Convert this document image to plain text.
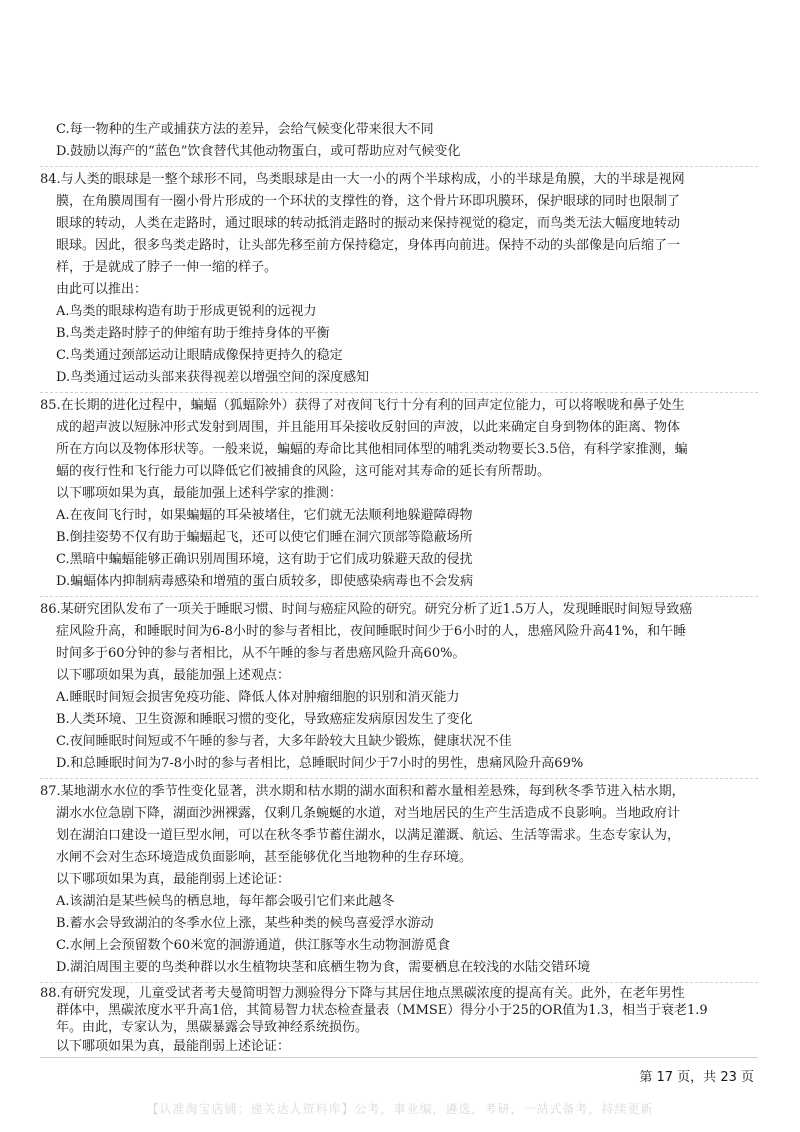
C.每一物种的生产或捕获方法的差异，会给气候变化带来很大不同
D.鼓励以海产的“蓝色”饮食替代其他动物蛋白，或可帮助应对气候变化
84.与人类的眼球是一整个球形不同，鸟类眼球是由一大一小的两个半球构成，小的半球是角膜，大的半球是视网
膜，在角膜周围有一圈小骨片形成的一个环状的支撑性的脊，这个骨片环即巩膜环，保护眼球的同时也限制了
眼球的转动，人类在走路时，通过眼球的转动抵消走路时的振动来保持视觉的稳定，而鸟类无法大幅度地转动
眼球。因此，很多鸟类走路时，让头部先移至前方保持稳定，身体再向前进。保持不动的头部像是向后缩了一
样，于是就成了脖子一伸一缩的样子。
由此可以推出：
A.鸟类的眼球构造有助于形成更锐利的远视力
B.鸟类走路时脖子的伸缩有助于维持身体的平衡
C.鸟类通过颈部运动让眼睛成像保持更持久的稳定
D.鸟类通过运动头部来获得视差以增强空间的深度感知
85.在长期的进化过程中，蝙蝠（狐蝠除外）获得了对夜间飞行十分有利的回声定位能力，可以将喉咙和鼻子处生
成的超声波以短脉冲形式发射到周围，并且能用耳朵接收反射回的声波，以此来确定自身到物体的距离、物体
所在方向以及物体形状等。一般来说，蝙蝠的寿命比其他相同体型的哺乳类动物要长3.5倍，有科学家推测，蝙
蝠的夜行性和飞行能力可以降低它们被捕食的风险，这可能对其寿命的延长有所帮助。
以下哪项如果为真，最能加强上述科学家的推测：
A.在夜间飞行时，如果蝙蝠的耳朵被堵住，它们就无法顺利地躲避障碍物
B.倒挂姿势不仅有助于蝙蝠起飞，还可以使它们睡在洞穴顶部等隐蔽场所
C.黑暗中蝙蝠能够正确识别周围环境，这有助于它们成功躲避天敌的侵扰
D.蝙蝠体内抑制病毒感染和增殖的蛋白质较多，即使感染病毒也不会发病
86.某研究团队发布了一项关于睡眠习惯、时间与癌症风险的研究。研究分析了近1.5万人，发现睡眠时间短导致癌
症风险升高，和睡眠时间为6-8小时的参与者相比，夜间睡眠时间少于6小时的人，患癌风险升高41%，和午睡
时间多于60分钟的参与者相比，从不午睡的参与者患癌风险升高60%。
以下哪项如果为真，最能加强上述观点：
A.睡眠时间短会损害免疫功能、降低人体对肿瘤细胞的识别和消灭能力
B.人类环境、卫生资源和睡眠习惯的变化，导致癌症发病原因发生了变化
C.夜间睡眠时间短或不午睡的参与者，大多年龄较大且缺少锻炼，健康状况不佳
D.和总睡眠时间为7-8小时的参与者相比，总睡眠时间少于7小时的男性，患痛风险升高69%
87.某地湖水水位的季节性变化显著，洪水期和枯水期的湖水面积和蓄水量相差悬殊，每到秋冬季节进入枯水期，
湖水水位急剧下降，湖面沙洲裸露，仅剩几条蜿蜒的水道，对当地居民的生产生活造成不良影响。当地政府计
划在湖泊口建设一道巨型水闸，可以在秋冬季节蓄住湖水，以满足灌溉、航运、生活等需求。生态专家认为，
水闸不会对生态环境造成负面影响，甚至能够优化当地物种的生存环境。
以下哪项如果为真，最能削弱上述论证：
A.该湖泊是某些候鸟的栖息地，每年都会吸引它们来此越冬
B.蓄水会导致湖泊的冬季水位上涨，某些种类的候鸟喜爱浮水游动
C.水闸上会预留数个60米宽的洄游通道，供江豚等水生动物洄游觅食
D.湖泊周围主要的鸟类种群以水生植物块茎和底栖生物为食，需要栖息在较浅的水陆交错环境
88.有研究发现，儿童受试者考夫曼简明智力测验得分下降与其居住地点黑碳浓度的提高有关。此外，在老年男性
群体中，黑碳浓度水平升高1倍，其简易智力状态检查量表（MMSE）得分小于25的OR值为1.3，相当于衰老1.9
年。由此，专家认为，黑碳暴露会导致神经系统损伤。
以下哪项如果为真，最能削弱上述论证：
第 17 页，共 23 页
【认准淘宝店铺：递关达人资料库】公考，事业编，遴选，考研，一站式备考，持续更新
